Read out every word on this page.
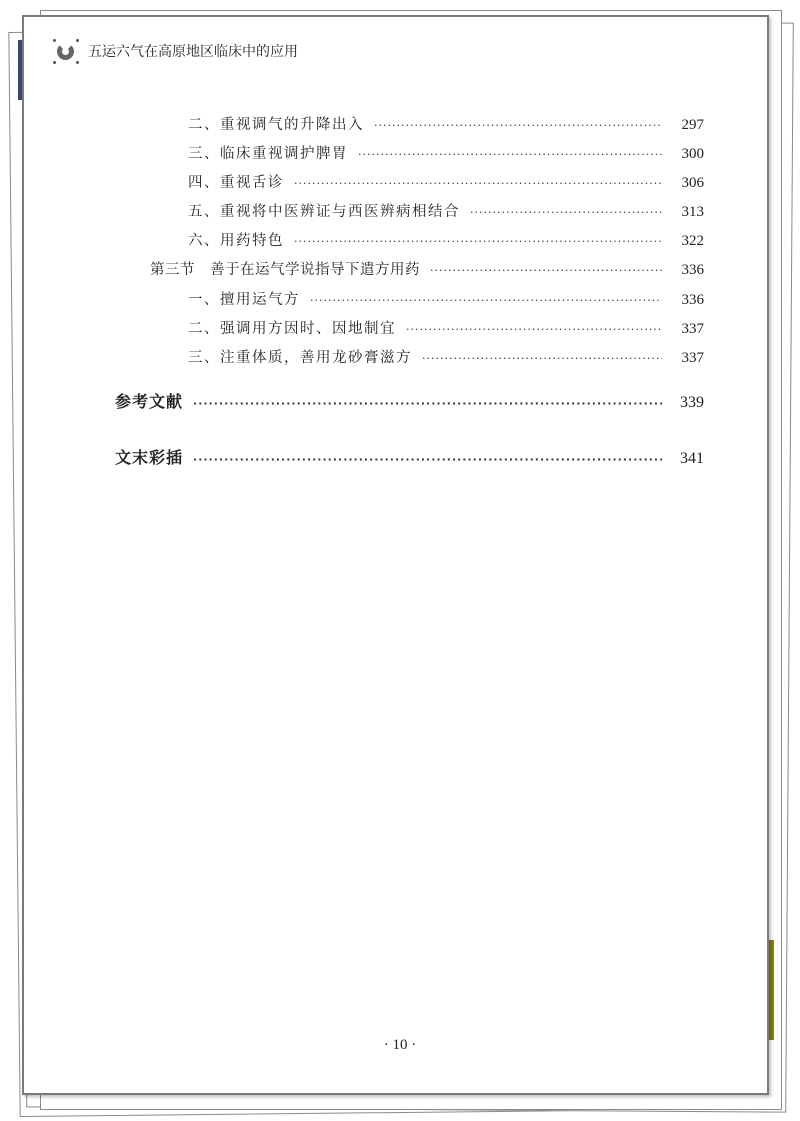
五运六气在高原地区临床中的应用
二、重视调气的升降出入 ·····	297
三、临床重视调护脾胃 ·····	300
四、重视舌诊 ·····	306
五、重视将中医辨证与西医辨病相结合 ·····	313
六、用药特色 ·····	322
第三节　善于在运气学说指导下遣方用药 ·····	336
一、擅用运气方 ·····	336
二、强调用方因时、因地制宜 ·····	337
三、注重体质，善用龙砂膏滋方 ·····	337
参考文献 ·····	339
文末彩插 ·····	341
· 10 ·
